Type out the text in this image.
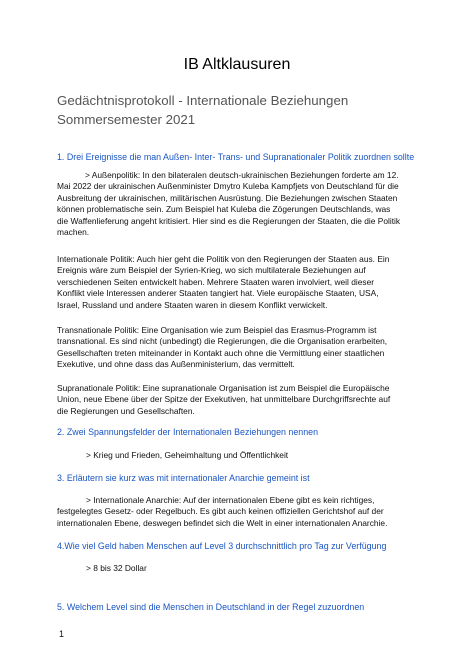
IB Altklausuren
Gedächtnisprotokoll - Internationale Beziehungen Sommersemester 2021
1. Drei Ereignisse die man Außen- Inter- Trans- und Supranationaler Politik zuordnen sollte
> Außenpolitik: In den bilateralen deutsch-ukrainischen Beziehungen forderte am 12.
Mai 2022 der ukrainischen Außenminister Dmytro Kuleba Kampfjets von Deutschland für die
Ausbreitung der ukrainischen, militärischen Ausrüstung. Die Beziehungen zwischen Staaten
können problematische sein. Zum Beispiel hat Kuleba die Zögerungen Deutschlands, was
die Waffenlieferung angeht kritisiert. Hier sind es die Regierungen der Staaten, die die Politik
machen.
Internationale Politik: Auch hier geht die Politik von den Regierungen der Staaten aus. Ein
Ereignis wäre zum Beispiel der Syrien-Krieg, wo sich multilaterale Beziehungen auf
verschiedenen Seiten entwickelt haben. Mehrere Staaten waren involviert, weil dieser
Konflikt viele Interessen anderer Staaten tangiert hat. Viele europäische Staaten, USA,
Israel, Russland und andere Staaten waren in diesem Konflikt verwickelt.
Transnationale Politik: Eine Organisation wie zum Beispiel das Erasmus-Programm ist
transnational. Es sind nicht (unbedingt) die Regierungen, die die Organisation erarbeiten,
Gesellschaften treten miteinander in Kontakt auch ohne die Vermittlung einer staatlichen
Exekutive, und ohne dass das Außenministerium, das vermittelt.
Supranationale Politik: Eine supranationale Organisation ist zum Beispiel die Europäische
Union, neue Ebene über der Spitze der Exekutiven, hat unmittelbare Durchgriffsrechte auf
die Regierungen und Gesellschaften.
2. Zwei Spannungsfelder der Internationalen Beziehungen nennen
> Krieg und Frieden, Geheimhaltung und Öffentlichkeit
3. Erläutern sie kurz was mit internationaler Anarchie gemeint ist
> Internationale Anarchie: Auf der internationalen Ebene gibt es kein richtiges,
festgelegtes Gesetz- oder Regelbuch. Es gibt auch keinen offiziellen Gerichtshof auf der
internationalen Ebene, deswegen befindet sich die Welt in einer internationalen Anarchie.
4.Wie viel Geld haben Menschen auf Level 3 durchschnittlich pro Tag zur Verfügung
> 8 bis 32 Dollar
5. Welchem Level sind die Menschen in Deutschland in der Regel zuzuordnen
1
